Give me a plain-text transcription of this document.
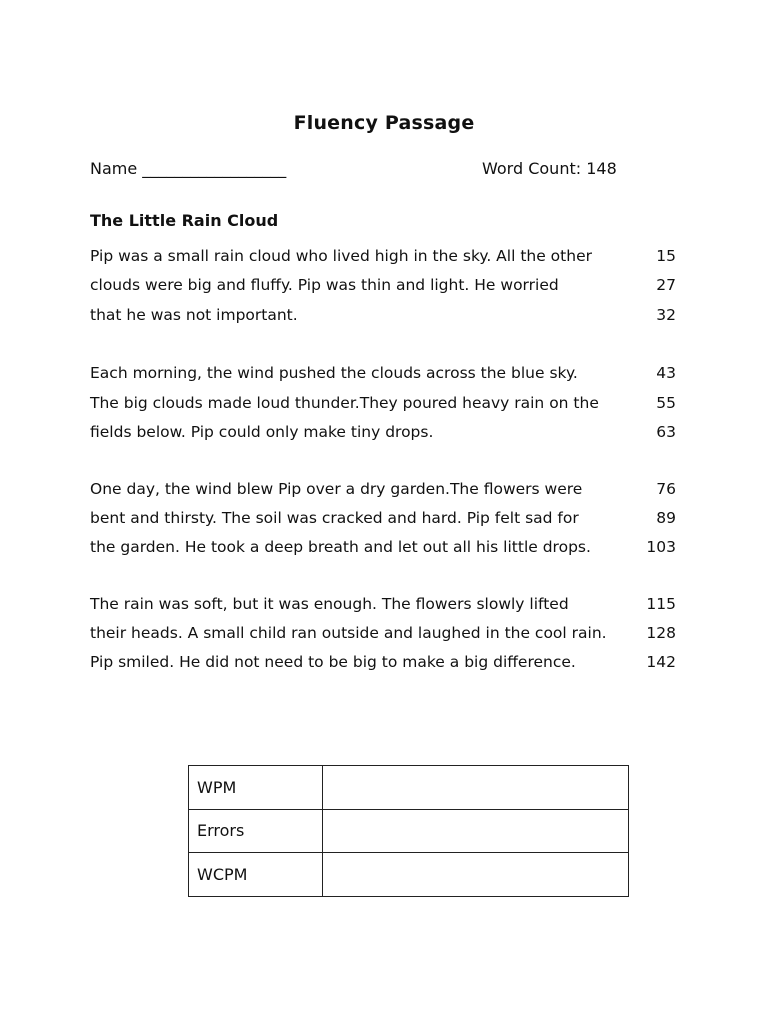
Fluency Passage
Name __________________	Word Count: 148
The Little Rain Cloud
Pip was a small rain cloud who lived high in the sky. All the other	15
clouds were big and fluffy. Pip was thin and light. He worried	27
that he was not important.	32
Each morning, the wind pushed the clouds across the blue sky.	43
The big clouds made loud thunder.They poured heavy rain on the	55
fields below. Pip could only make tiny drops.	63
One day, the wind blew Pip over a dry garden.The flowers were	76
bent and thirsty. The soil was cracked and hard. Pip felt sad for	89
the garden. He took a deep breath and let out all his little drops.	103
The rain was soft, but it was enough. The flowers slowly lifted	115
their heads. A small child ran outside and laughed in the cool rain.	128
Pip smiled. He did not need to be big to make a big difference.	142
WPM	
Errors	
WCPM	
